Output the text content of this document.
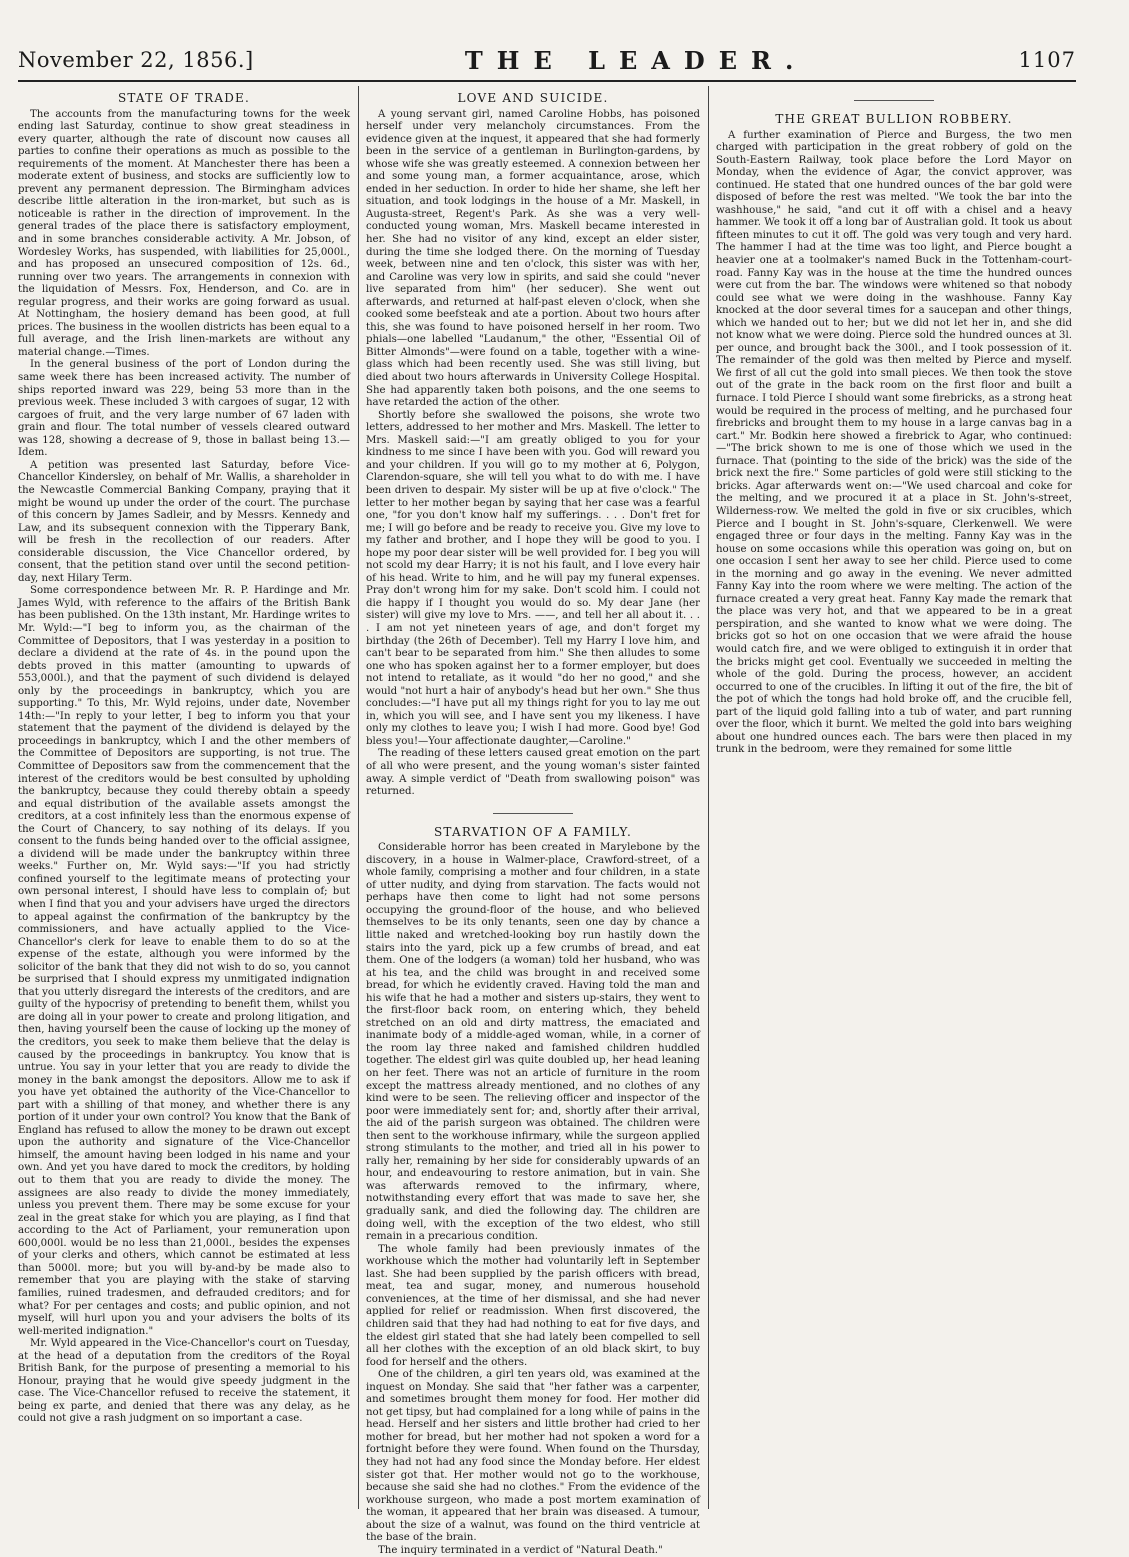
November 22, 1856.]	THE LEADER.	1107
STATE OF TRADE.

The accounts from the manufacturing towns for the week ending last Saturday, continue to show great steadiness in every quarter, although the rate of discount now causes all parties to confine their operations as much as possible to the requirements of the moment. At Manchester there has been a moderate extent of business, and stocks are sufficiently low to prevent any permanent depression. The Birmingham advices describe little alteration in the iron-market, but such as is noticeable is rather in the direction of improvement. In the general trades of the place there is satisfactory employment, and in some branches considerable activity. A Mr. Jobson, of Wordesley Works, has suspended, with liabilities for 25,000l., and has proposed an unsecured composition of 12s. 6d., running over two years. The arrangements in connexion with the liquidation of Messrs. Fox, Henderson, and Co. are in regular progress, and their works are going forward as usual. At Nottingham, the hosiery demand has been good, at full prices. The business in the woollen districts has been equal to a full average, and the Irish linen-markets are without any material change.—Times.

In the general business of the port of London during the same week there has been increased activity. The number of ships reported inward was 229, being 53 more than in the previous week. These included 3 with cargoes of sugar, 12 with cargoes of fruit, and the very large number of 67 laden with grain and flour. The total number of vessels cleared outward was 128, showing a decrease of 9, those in ballast being 13.—Idem.

A petition was presented last Saturday, before Vice-Chancellor Kindersley, on behalf of Mr. Wallis, a shareholder in the Newcastle Commercial Banking Company, praying that it might be wound up under the order of the court. The purchase of this concern by James Sadleir, and by Messrs. Kennedy and Law, and its subsequent connexion with the Tipperary Bank, will be fresh in the recollection of our readers. After considerable discussion, the Vice Chancellor ordered, by consent, that the petition stand over until the second petition-day, next Hilary Term.

Some correspondence between Mr. R. P. Hardinge and Mr. James Wyld, with reference to the affairs of the British Bank has been published. On the 13th instant, Mr. Hardinge writes to Mr. Wyld:—"I beg to inform you, as the chairman of the Committee of Depositors, that I was yesterday in a position to declare a dividend at the rate of 4s. in the pound upon the debts proved in this matter (amounting to upwards of 553,000l.), and that the payment of such dividend is delayed only by the proceedings in bankruptcy, which you are supporting." To this, Mr. Wyld rejoins, under date, November 14th:—"In reply to your letter, I beg to inform you that your statement that the payment of the dividend is delayed by the proceedings in bankruptcy, which I and the other members of the Committee of Depositors are supporting, is not true. The Committee of Depositors saw from the commencement that the interest of the creditors would be best consulted by upholding the bankruptcy, because they could thereby obtain a speedy and equal distribution of the available assets amongst the creditors, at a cost infinitely less than the enormous expense of the Court of Chancery, to say nothing of its delays. If you consent to the funds being handed over to the official assignee, a dividend will be made under the bankruptcy within three weeks." Further on, Mr. Wyld says:—"If you had strictly confined yourself to the legitimate means of protecting your own personal interest, I should have less to complain of; but when I find that you and your advisers have urged the directors to appeal against the confirmation of the bankruptcy by the commissioners, and have actually applied to the Vice-Chancellor's clerk for leave to enable them to do so at the expense of the estate, although you were informed by the solicitor of the bank that they did not wish to do so, you cannot be surprised that I should express my unmitigated indignation that you utterly disregard the interests of the creditors, and are guilty of the hypocrisy of pretending to benefit them, whilst you are doing all in your power to create and prolong litigation, and then, having yourself been the cause of locking up the money of the creditors, you seek to make them believe that the delay is caused by the proceedings in bankruptcy. You know that is untrue. You say in your letter that you are ready to divide the money in the bank amongst the depositors. Allow me to ask if you have yet obtained the authority of the Vice-Chancellor to part with a shilling of that money, and whether there is any portion of it under your own control? You know that the Bank of England has refused to allow the money to be drawn out except upon the authority and signature of the Vice-Chancellor himself, the amount having been lodged in his name and your own. And yet you have dared to mock the creditors, by holding out to them that you are ready to divide the money. The assignees are also ready to divide the money immediately, unless you prevent them. There may be some excuse for your zeal in the great stake for which you are playing, as I find that according to the Act of Parliament, your remuneration upon 600,000l. would be no less than 21,000l., besides the expenses of your clerks and others, which cannot be estimated at less than 5000l. more; but you will by-and-by be made also to remember that you are playing with the stake of starving families, ruined tradesmen, and defrauded creditors; and for what? For per centages and costs; and public opinion, and not myself, will hurl upon you and your advisers the bolts of its well-merited indignation."

Mr. Wyld appeared in the Vice-Chancellor's court on Tuesday, at the head of a deputation from the creditors of the Royal British Bank, for the purpose of presenting a memorial to his Honour, praying that he would give speedy judgment in the case. The Vice-Chancellor refused to receive the statement, it being ex parte, and denied that there was any delay, as he could not give a rash judgment on so important a case.

LOVE AND SUICIDE.

A young servant girl, named Caroline Hobbs, has poisoned herself under very melancholy circumstances. From the evidence given at the inquest, it appeared that she had formerly been in the service of a gentleman in Burlington-gardens, by whose wife she was greatly esteemed. A connexion between her and some young man, a former acquaintance, arose, which ended in her seduction. In order to hide her shame, she left her situation, and took lodgings in the house of a Mr. Maskell, in Augusta-street, Regent's Park. As she was a very well-conducted young woman, Mrs. Maskell became interested in her. She had no visitor of any kind, except an elder sister, during the time she lodged there. On the morning of Tuesday week, between nine and ten o'clock, this sister was with her, and Caroline was very low in spirits, and said she could "never live separated from him" (her seducer). She went out afterwards, and returned at half-past eleven o'clock, when she cooked some beefsteak and ate a portion. About two hours after this, she was found to have poisoned herself in her room. Two phials—one labelled "Laudanum," the other, "Essential Oil of Bitter Almonds"—were found on a table, together with a wine-glass which had been recently used. She was still living, but died about two hours afterwards in University College Hospital. She had apparently taken both poisons, and the one seems to have retarded the action of the other.

Shortly before she swallowed the poisons, she wrote two letters, addressed to her mother and Mrs. Maskell. The letter to Mrs. Maskell said:—"I am greatly obliged to you for your kindness to me since I have been with you. God will reward you and your children. If you will go to my mother at 6, Polygon, Clarendon-square, she will tell you what to do with me. I have been driven to despair. My sister will be up at five o'clock." The letter to her mother began by saying that her case was a fearful one, "for you don't know half my sufferings. . . . Don't fret for me; I will go before and be ready to receive you. Give my love to my father and brother, and I hope they will be good to you. I hope my poor dear sister will be well provided for. I beg you will not scold my dear Harry; it is not his fault, and I love every hair of his head. Write to him, and he will pay my funeral expenses. Pray don't wrong him for my sake. Don't scold him. I could not die happy if I thought you would do so. My dear Jane (her sister) will give my love to Mrs. ——, and tell her all about it. . . . I am not yet nineteen years of age, and don't forget my birthday (the 26th of December). Tell my Harry I love him, and can't bear to be separated from him." She then alludes to some one who has spoken against her to a former employer, but does not intend to retaliate, as it would "do her no good," and she would "not hurt a hair of anybody's head but her own." She thus concludes:—"I have put all my things right for you to lay me out in, which you will see, and I have sent you my likeness. I have only my clothes to leave you; I wish I had more. Good bye! God bless you!—Your affectionate daughter,—Caroline."

The reading of these letters caused great emotion on the part of all who were present, and the young woman's sister fainted away. A simple verdict of "Death from swallowing poison" was returned.

STARVATION OF A FAMILY.

Considerable horror has been created in Marylebone by the discovery, in a house in Walmer-place, Crawford-street, of a whole family, comprising a mother and four children, in a state of utter nudity, and dying from starvation. The facts would not perhaps have then come to light had not some persons occupying the ground-floor of the house, and who believed themselves to be its only tenants, seen one day by chance a little naked and wretched-looking boy run hastily down the stairs into the yard, pick up a few crumbs of bread, and eat them. One of the lodgers (a woman) told her husband, who was at his tea, and the child was brought in and received some bread, for which he evidently craved. Having told the man and his wife that he had a mother and sisters up-stairs, they went to the first-floor back room, on entering which, they beheld stretched on an old and dirty mattress, the emaciated and inanimate body of a middle-aged woman, while, in a corner of the room lay three naked and famished children huddled together. The eldest girl was quite doubled up, her head leaning on her feet. There was not an article of furniture in the room except the mattress already mentioned, and no clothes of any kind were to be seen. The relieving officer and inspector of the poor were immediately sent for; and, shortly after their arrival, the aid of the parish surgeon was obtained. The children were then sent to the workhouse infirmary, while the surgeon applied strong stimulants to the mother, and tried all in his power to rally her, remaining by her side for considerably upwards of an hour, and endeavouring to restore animation, but in vain. She was afterwards removed to the infirmary, where, notwithstanding every effort that was made to save her, she gradually sank, and died the following day. The children are doing well, with the exception of the two eldest, who still remain in a precarious condition.

The whole family had been previously inmates of the workhouse which the mother had voluntarily left in September last. She had been supplied by the parish officers with bread, meat, tea and sugar, money, and numerous household conveniences, at the time of her dismissal, and she had never applied for relief or readmission. When first discovered, the children said that they had had nothing to eat for five days, and the eldest girl stated that she had lately been compelled to sell all her clothes with the exception of an old black skirt, to buy food for herself and the others.

One of the children, a girl ten years old, was examined at the inquest on Monday. She said that "her father was a carpenter, and sometimes brought them money for food. Her mother did not get tipsy, but had complained for a long while of pains in the head. Herself and her sisters and little brother had cried to her mother for bread, but her mother had not spoken a word for a fortnight before they were found. When found on the Thursday, they had not had any food since the Monday before. Her eldest sister got that. Her mother would not go to the workhouse, because she said she had no clothes." From the evidence of the workhouse surgeon, who made a post mortem examination of the woman, it appeared that her brain was diseased. A tumour, about the size of a walnut, was found on the third ventricle at the base of the brain.

The inquiry terminated in a verdict of "Natural Death."

THE GREAT BULLION ROBBERY.

A further examination of Pierce and Burgess, the two men charged with participation in the great robbery of gold on the South-Eastern Railway, took place before the Lord Mayor on Monday, when the evidence of Agar, the convict approver, was continued. He stated that one hundred ounces of the bar gold were disposed of before the rest was melted. "We took the bar into the washhouse," he said, "and cut it off with a chisel and a heavy hammer. We took it off a long bar of Australian gold. It took us about fifteen minutes to cut it off. The gold was very tough and very hard. The hammer I had at the time was too light, and Pierce bought a heavier one at a toolmaker's named Buck in the Tottenham-court-road. Fanny Kay was in the house at the time the hundred ounces were cut from the bar. The windows were whitened so that nobody could see what we were doing in the washhouse. Fanny Kay knocked at the door several times for a saucepan and other things, which we handed out to her; but we did not let her in, and she did not know what we were doing. Pierce sold the hundred ounces at 3l. per ounce, and brought back the 300l., and I took possession of it. The remainder of the gold was then melted by Pierce and myself. We first of all cut the gold into small pieces. We then took the stove out of the grate in the back room on the first floor and built a furnace. I told Pierce I should want some firebricks, as a strong heat would be required in the process of melting, and he purchased four firebricks and brought them to my house in a large canvas bag in a cart." Mr. Bodkin here showed a firebrick to Agar, who continued:—"The brick shown to me is one of those which we used in the furnace. That (pointing to the side of the brick) was the side of the brick next the fire." Some particles of gold were still sticking to the bricks. Agar afterwards went on:—"We used charcoal and coke for the melting, and we procured it at a place in St. John's-street, Wilderness-row. We melted the gold in five or six crucibles, which Pierce and I bought in St. John's-square, Clerkenwell. We were engaged three or four days in the melting. Fanny Kay was in the house on some occasions while this operation was going on, but on one occasion I sent her away to see her child. Pierce used to come in the morning and go away in the evening. We never admitted Fanny Kay into the room where we were melting. The action of the furnace created a very great heat. Fanny Kay made the remark that the place was very hot, and that we appeared to be in a great perspiration, and she wanted to know what we were doing. The bricks got so hot on one occasion that we were afraid the house would catch fire, and we were obliged to extinguish it in order that the bricks might get cool. Eventually we succeeded in melting the whole of the gold. During the process, however, an accident occurred to one of the crucibles. In lifting it out of the fire, the bit of the pot of which the tongs had hold broke off, and the crucible fell, part of the liquid gold falling into a tub of water, and part running over the floor, which it burnt. We melted the gold into bars weighing about one hundred ounces each. The bars were then placed in my trunk in the bedroom, were they remained for some little
